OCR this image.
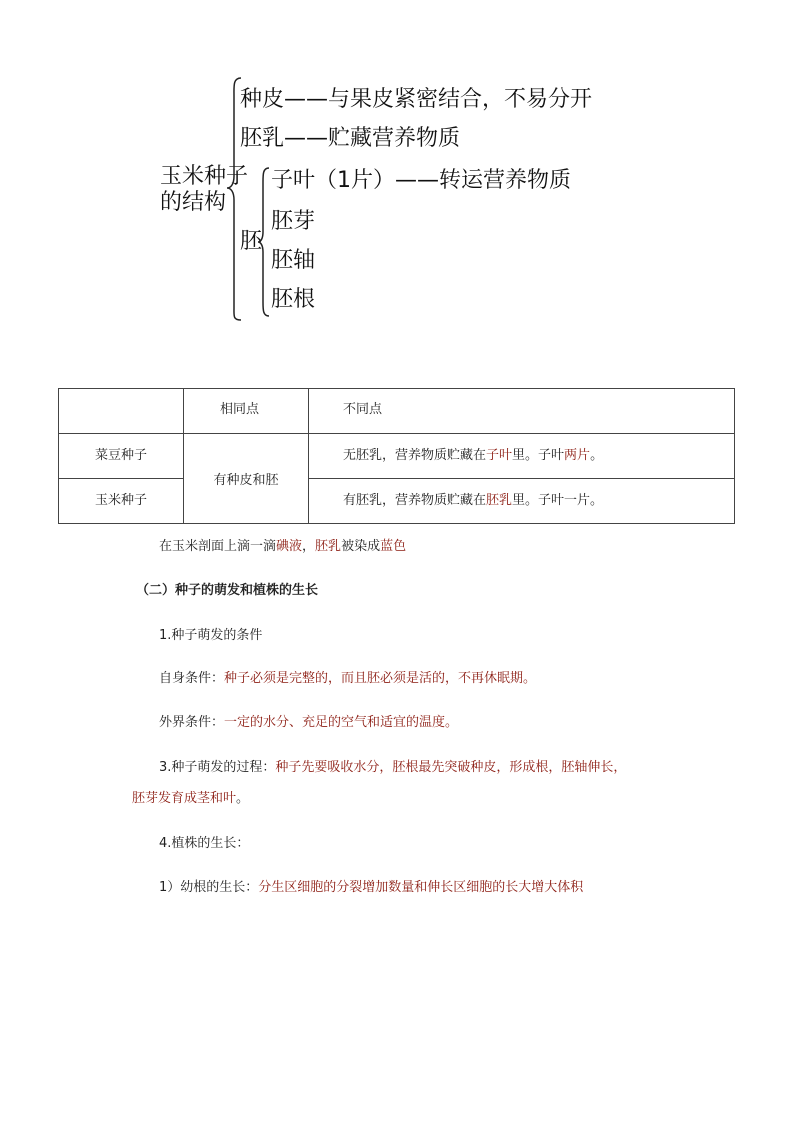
玉米种子
的结构
种皮——与果皮紧密结合，不易分开
胚乳——贮藏营养物质
胚
子叶（1片）——转运营养物质
胚芽
胚轴
胚根
	相同点	不同点
菜豆种子	有种皮和胚	无胚乳，营养物质贮藏在子叶里。子叶两片。
玉米种子		有胚乳，营养物质贮藏在胚乳里。子叶一片。
在玉米剖面上滴一滴碘液，胚乳被染成蓝色
（二）种子的萌发和植株的生长
1.种子萌发的条件
自身条件：种子必须是完整的，而且胚必须是活的，不再休眠期。
外界条件：一定的水分、充足的空气和适宜的温度。
3.种子萌发的过程：种子先要吸收水分，胚根最先突破种皮，形成根，胚轴伸长，
胚芽发育成茎和叶。
4.植株的生长：
1）幼根的生长：分生区细胞的分裂增加数量和伸长区细胞的长大增大体积
